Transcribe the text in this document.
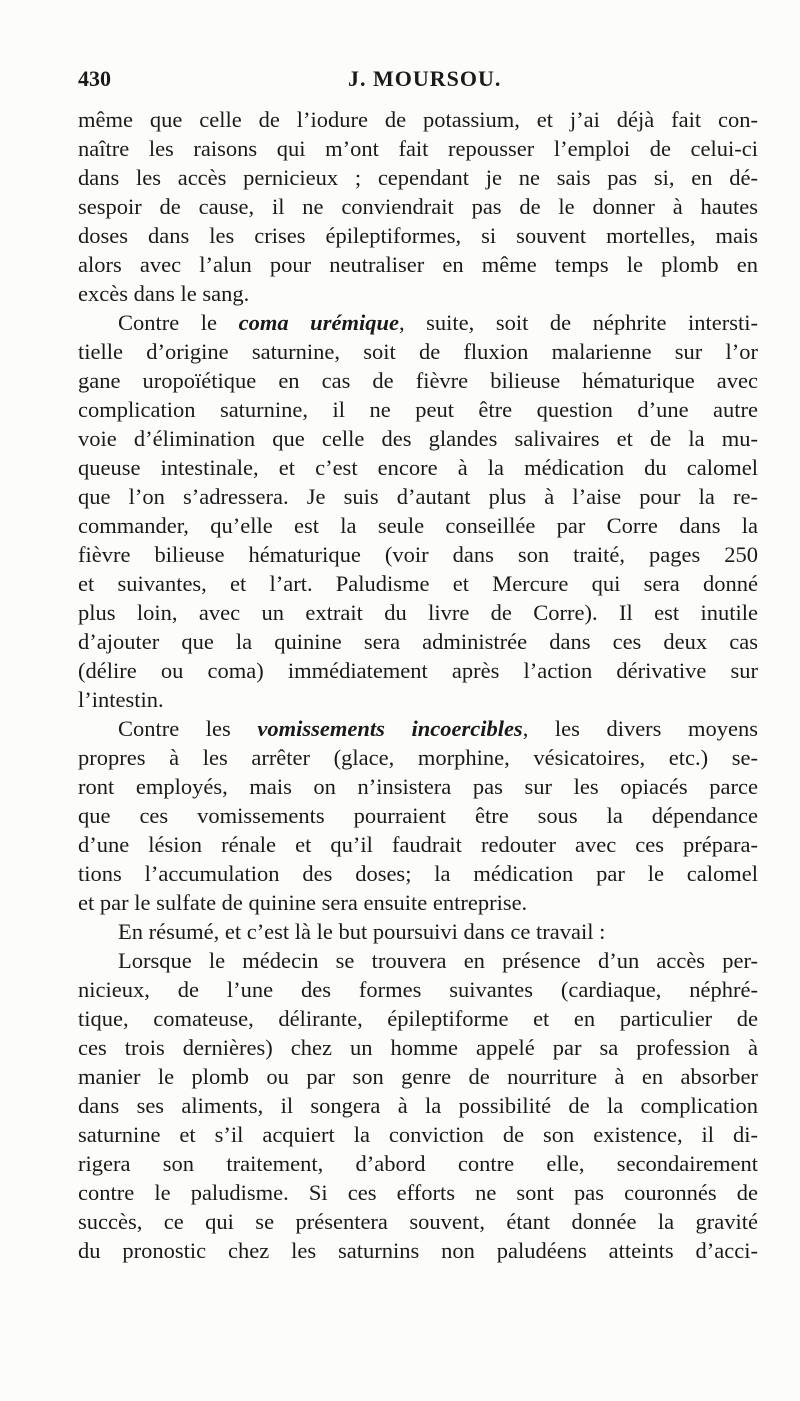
430	J. MOURSOU.
même que celle de l’iodure de potassium, et j’ai déjà fait con-
naître les raisons qui m’ont fait repousser l’emploi de celui-ci
dans les accès pernicieux ; cependant je ne sais pas si, en dé-
sespoir de cause, il ne conviendrait pas de le donner à hautes
doses dans les crises épileptiformes, si souvent mortelles, mais
alors avec l’alun pour neutraliser en même temps le plomb en
excès dans le sang.
Contre le coma urémique, suite, soit de néphrite intersti-
tielle d’origine saturnine, soit de fluxion malarienne sur l’or
gane uropoïétique en cas de fièvre bilieuse hématurique avec
complication saturnine, il ne peut être question d’une autre
voie d’élimination que celle des glandes salivaires et de la mu-
queuse intestinale, et c’est encore à la médication du calomel
que l’on s’adressera. Je suis d’autant plus à l’aise pour la re-
commander, qu’elle est la seule conseillée par Corre dans la
fièvre bilieuse hématurique (voir dans son traité, pages 250
et suivantes, et l’art. Paludisme et Mercure qui sera donné
plus loin, avec un extrait du livre de Corre). Il est inutile
d’ajouter que la quinine sera administrée dans ces deux cas
(délire ou coma) immédiatement après l’action dérivative sur
l’intestin.
Contre les vomissements incoercibles, les divers moyens
propres à les arrêter (glace, morphine, vésicatoires, etc.) se-
ront employés, mais on n’insistera pas sur les opiacés parce
que ces vomissements pourraient être sous la dépendance
d’une lésion rénale et qu’il faudrait redouter avec ces prépara-
tions l’accumulation des doses; la médication par le calomel
et par le sulfate de quinine sera ensuite entreprise.
En résumé, et c’est là le but poursuivi dans ce travail :
Lorsque le médecin se trouvera en présence d’un accès per-
nicieux, de l’une des formes suivantes (cardiaque, néphré-
tique, comateuse, délirante, épileptiforme et en particulier de
ces trois dernières) chez un homme appelé par sa profession à
manier le plomb ou par son genre de nourriture à en absorber
dans ses aliments, il songera à la possibilité de la complication
saturnine et s’il acquiert la conviction de son existence, il di-
rigera son traitement, d’abord contre elle, secondairement
contre le paludisme. Si ces efforts ne sont pas couronnés de
succès, ce qui se présentera souvent, étant donnée la gravité
du pronostic chez les saturnins non paludéens atteints d’acci-
